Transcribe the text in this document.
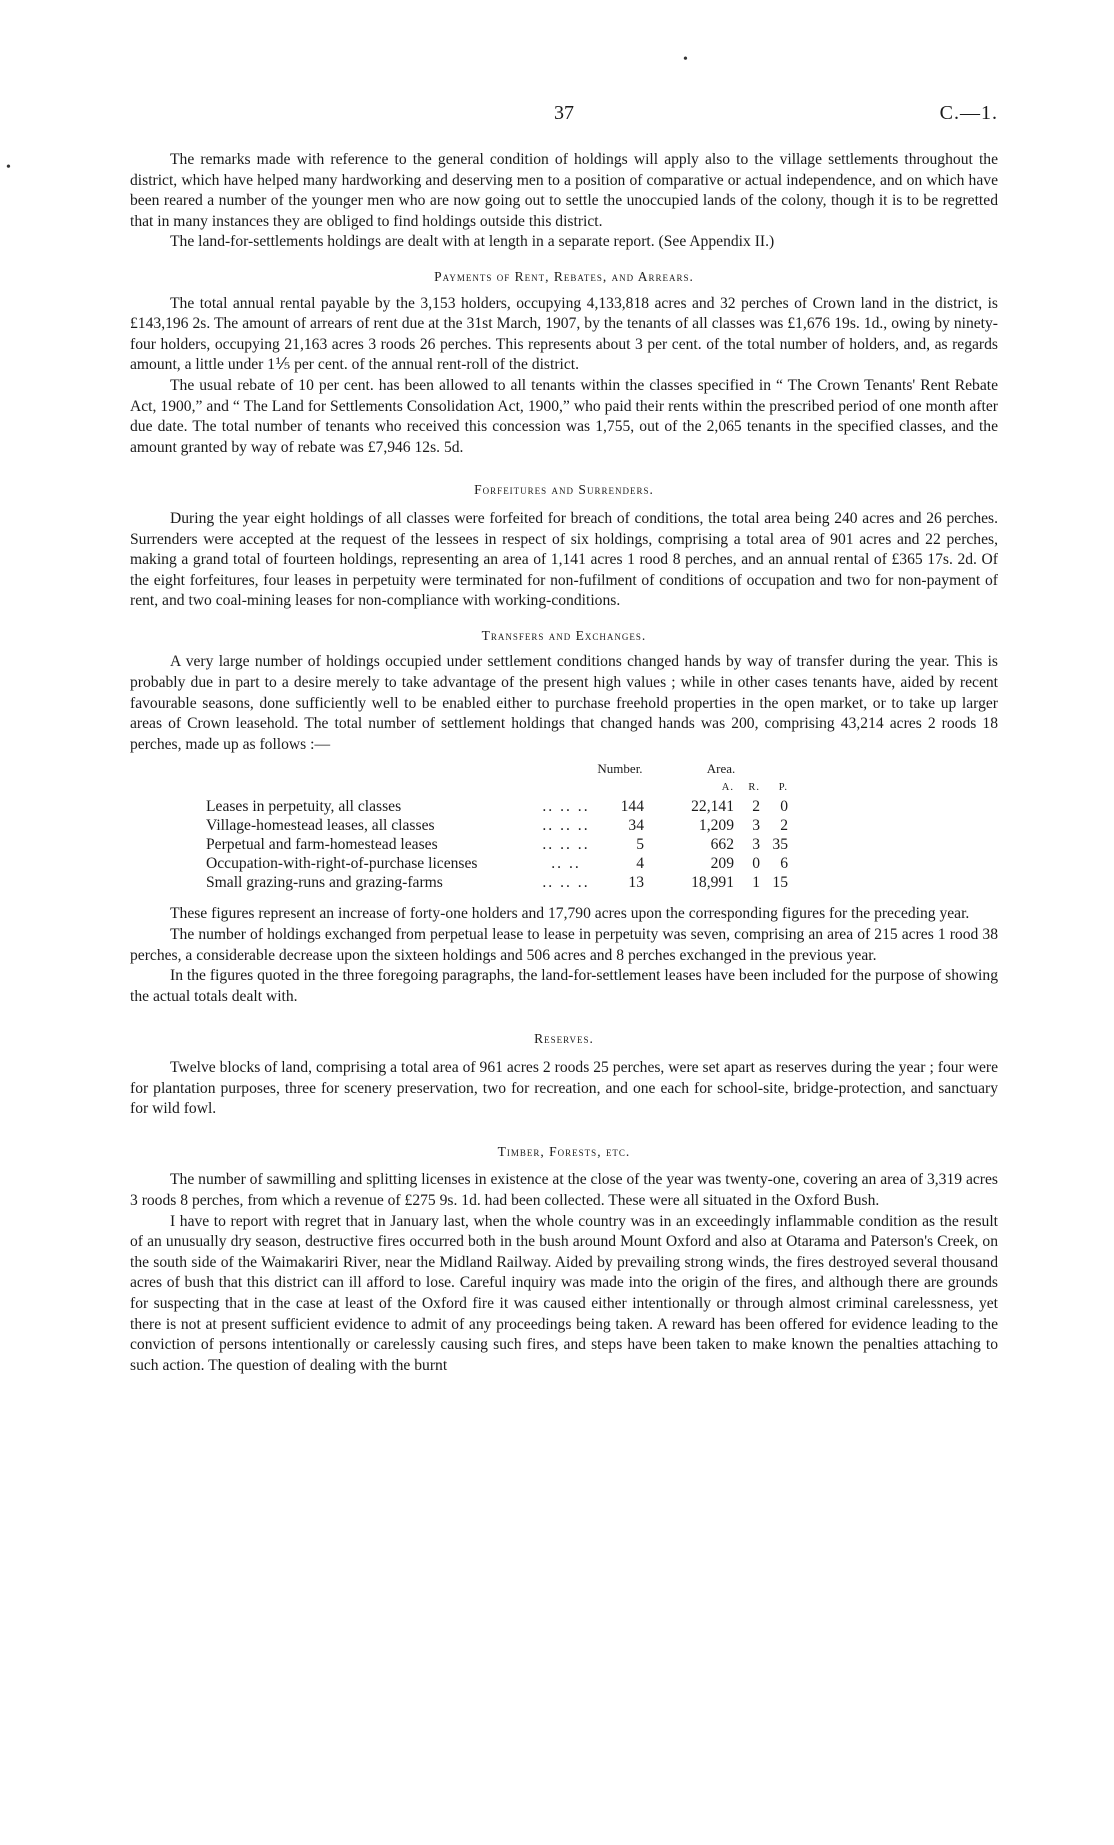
•
•
37	C.—1.

The remarks made with reference to the general condition of holdings will apply also to the village settlements throughout the district, which have helped many hardworking and deserving men to a position of comparative or actual independence, and on which have been reared a number of the younger men who are now going out to settle the unoccupied lands of the colony, though it is to be regretted that in many instances they are obliged to find holdings outside this district.

The land-for-settlements holdings are dealt with at length in a separate report. (See Appendix II.)

Payments of Rent, Rebates, and Arrears.

The total annual rental payable by the 3,153 holders, occupying 4,133,818 acres and 32 perches of Crown land in the district, is £143,196 2s. The amount of arrears of rent due at the 31st March, 1907, by the tenants of all classes was £1,676 19s. 1d., owing by ninety-four holders, occupying 21,163 acres 3 roods 26 perches. This represents about 3 per cent. of the total number of holders, and, as regards amount, a little under 1⅕ per cent. of the annual rent-roll of the district.

The usual rebate of 10 per cent. has been allowed to all tenants within the classes specified in “ The Crown Tenants' Rent Rebate Act, 1900,” and “ The Land for Settlements Consolidation Act, 1900,” who paid their rents within the prescribed period of one month after due date. The total number of tenants who received this concession was 1,755, out of the 2,065 tenants in the specified classes, and the amount granted by way of rebate was £7,946 12s. 5d.

Forfeitures and Surrenders.

During the year eight holdings of all classes were forfeited for breach of conditions, the total area being 240 acres and 26 perches. Surrenders were accepted at the request of the lessees in respect of six holdings, comprising a total area of 901 acres and 22 perches, making a grand total of fourteen holdings, representing an area of 1,141 acres 1 rood 8 perches, and an annual rental of £365 17s. 2d. Of the eight forfeitures, four leases in perpetuity were terminated for non-fufilment of conditions of occupation and two for non-payment of rent, and two coal-mining leases for non-compliance with working-conditions.

Transfers and Exchanges.

A very large number of holdings occupied under settlement conditions changed hands by way of transfer during the year. This is probably due in part to a desire merely to take advantage of the present high values ; while in other cases tenants have, aided by recent favourable seasons, done sufficiently well to be enabled either to purchase freehold properties in the open market, or to take up larger areas of Crown leasehold. The total number of settlement holdings that changed hands was 200, comprising 43,214 acres 2 roods 18 perches, made up as follows :—

		Number.	Area.		
			A.	R.	P.
Leases in perpetuity, all classes	.. .. ..	144	22,141	2	0
Village-homestead leases, all classes	.. .. ..	34	1,209	3	2
Perpetual and farm-homestead leases	.. .. ..	5	662	3	35
Occupation-with-right-of-purchase licenses	.. ..	4	209	0	6
Small grazing-runs and grazing-farms	.. .. ..	13	18,991	1	15

These figures represent an increase of forty-one holders and 17,790 acres upon the corresponding figures for the preceding year.

The number of holdings exchanged from perpetual lease to lease in perpetuity was seven, comprising an area of 215 acres 1 rood 38 perches, a considerable decrease upon the sixteen holdings and 506 acres and 8 perches exchanged in the previous year.

In the figures quoted in the three foregoing paragraphs, the land-for-settlement leases have been included for the purpose of showing the actual totals dealt with.

Reserves.

Twelve blocks of land, comprising a total area of 961 acres 2 roods 25 perches, were set apart as reserves during the year ; four were for plantation purposes, three for scenery preservation, two for recreation, and one each for school-site, bridge-protection, and sanctuary for wild fowl.

Timber, Forests, etc.

The number of sawmilling and splitting licenses in existence at the close of the year was twenty-one, covering an area of 3,319 acres 3 roods 8 perches, from which a revenue of £275 9s. 1d. had been collected. These were all situated in the Oxford Bush.

I have to report with regret that in January last, when the whole country was in an exceedingly inflammable condition as the result of an unusually dry season, destructive fires occurred both in the bush around Mount Oxford and also at Otarama and Paterson's Creek, on the south side of the Waimakariri River, near the Midland Railway. Aided by prevailing strong winds, the fires destroyed several thousand acres of bush that this district can ill afford to lose. Careful inquiry was made into the origin of the fires, and although there are grounds for suspecting that in the case at least of the Oxford fire it was caused either intentionally or through almost criminal carelessness, yet there is not at present sufficient evidence to admit of any proceedings being taken. A reward has been offered for evidence leading to the conviction of persons intentionally or carelessly causing such fires, and steps have been taken to make known the penalties attaching to such action. The question of dealing with the burnt
